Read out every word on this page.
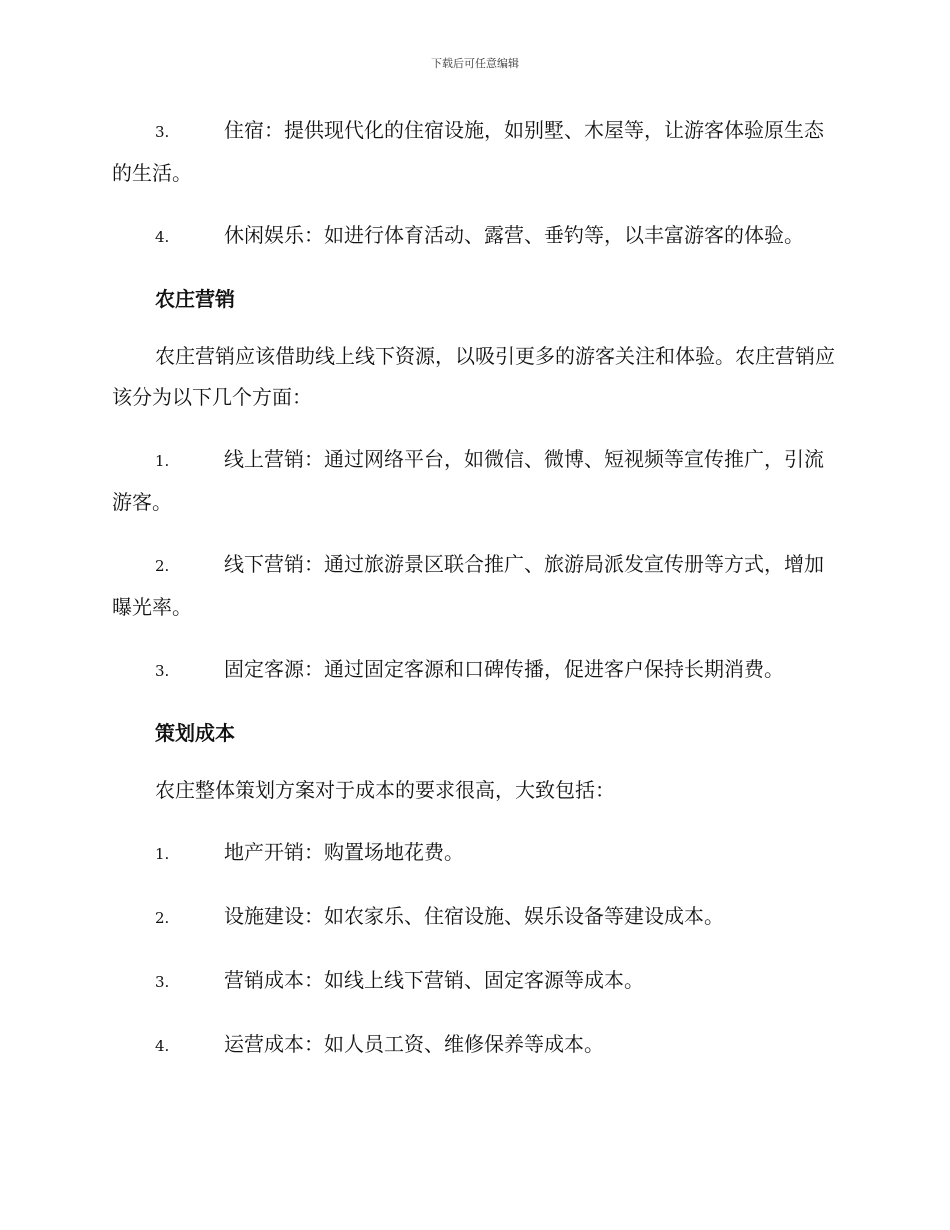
下载后可任意编辑

3.	住宿：提供现代化的住宿设施，如别墅、木屋等，让游客体验原生态的生活。

4.	休闲娱乐：如进行体育活动、露营、垂钓等，以丰富游客的体验。

农庄营销

农庄营销应该借助线上线下资源，以吸引更多的游客关注和体验。农庄营销应该分为以下几个方面：

1.	线上营销：通过网络平台，如微信、微博、短视频等宣传推广，引流游客。

2.	线下营销：通过旅游景区联合推广、旅游局派发宣传册等方式，增加曝光率。

3.	固定客源：通过固定客源和口碑传播，促进客户保持长期消费。

策划成本

农庄整体策划方案对于成本的要求很高，大致包括：

1.	地产开销：购置场地花费。

2.	设施建设：如农家乐、住宿设施、娱乐设备等建设成本。

3.	营销成本：如线上线下营销、固定客源等成本。

4.	运营成本：如人员工资、维修保养等成本。
